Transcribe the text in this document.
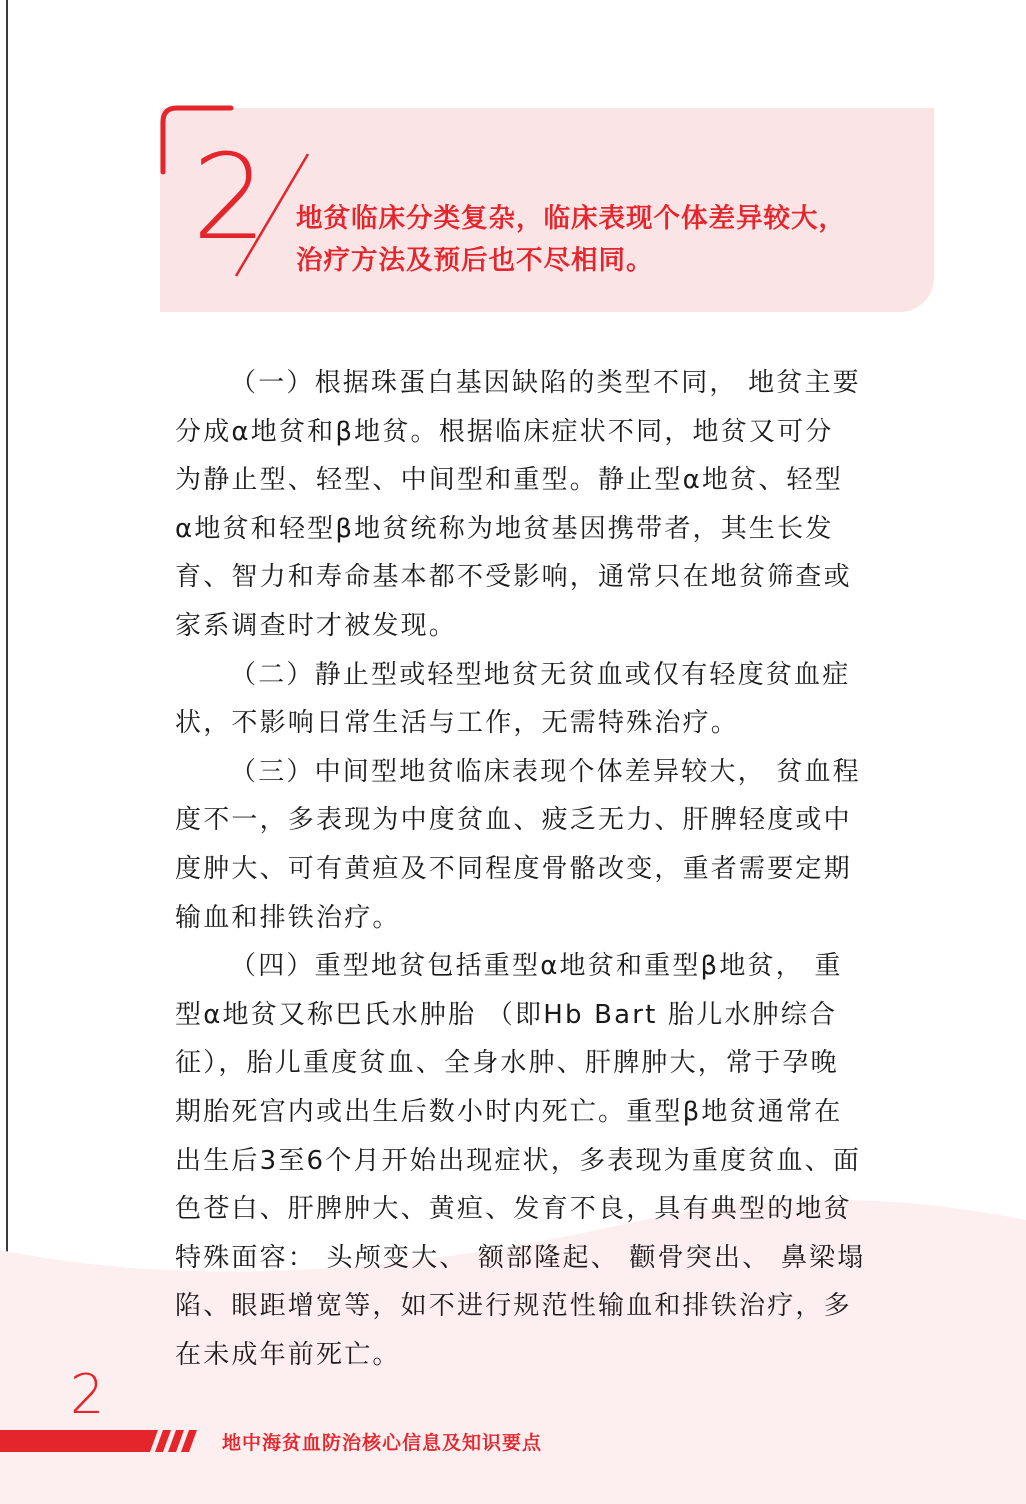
2 地贫临床分类复杂，临床表现个体差异较大，
治疗方法及预后也不尽相同。
（一）根据珠蛋白基因缺陷的类型不同， 地贫主要
分成α地贫和β地贫。根据临床症状不同，地贫又可分
为静止型、轻型、中间型和重型。静止型α地贫、轻型
α地贫和轻型β地贫统称为地贫基因携带者，其生长发
育、智力和寿命基本都不受影响，通常只在地贫筛查或
家系调查时才被发现。
（二）静止型或轻型地贫无贫血或仅有轻度贫血症
状，不影响日常生活与工作，无需特殊治疗。
（三）中间型地贫临床表现个体差异较大， 贫血程
度不一，多表现为中度贫血、疲乏无力、肝脾轻度或中
度肿大、可有黄疸及不同程度骨骼改变，重者需要定期
输血和排铁治疗。
（四）重型地贫包括重型α地贫和重型β地贫， 重
型α地贫又称巴氏水肿胎 （即Hb Bart 胎儿水肿综合
征），胎儿重度贫血、全身水肿、肝脾肿大，常于孕晚
期胎死宫内或出生后数小时内死亡。重型β地贫通常在
出生后3至6个月开始出现症状，多表现为重度贫血、面
色苍白、肝脾肿大、黄疸、发育不良，具有典型的地贫
特殊面容： 头颅变大、 额部隆起、 颧骨突出、 鼻梁塌
陷、眼距增宽等，如不进行规范性输血和排铁治疗，多
在未成年前死亡。
2
地中海贫血防治核心信息及知识要点
